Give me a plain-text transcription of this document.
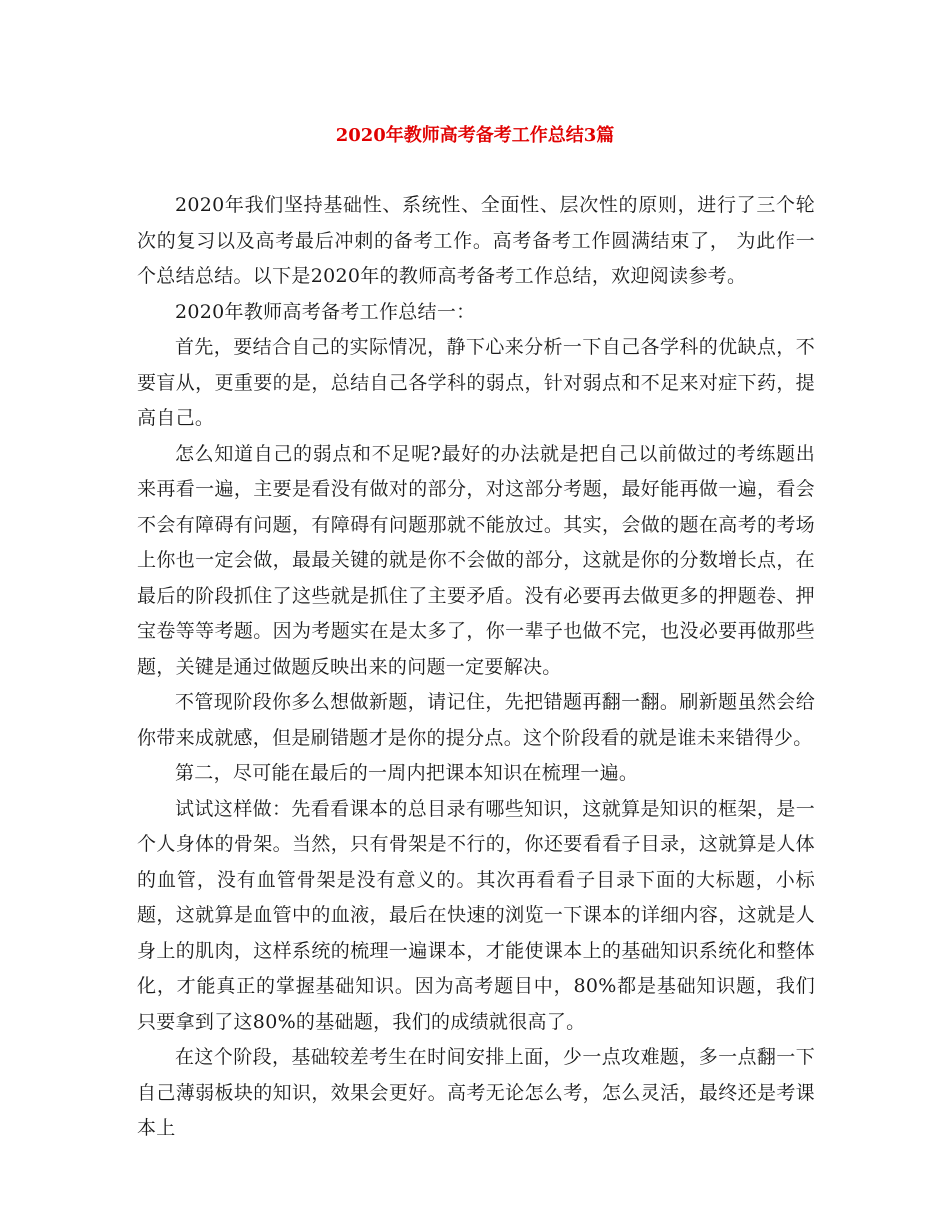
2020年教师高考备考工作总结3篇

2020年我们坚持基础性、系统性、全面性、层次性的原则，进行了三个轮次的复习以及高考最后冲刺的备考工作。高考备考工作圆满结束了， 为此作一个总结总结。以下是2020年的教师高考备考工作总结，欢迎阅读参考。

2020年教师高考备考工作总结一：

首先，要结合自己的实际情况，静下心来分析一下自己各学科的优缺点，不要盲从，更重要的是，总结自己各学科的弱点，针对弱点和不足来对症下药，提高自己。

怎么知道自己的弱点和不足呢?最好的办法就是把自己以前做过的考练题出来再看一遍，主要是看没有做对的部分，对这部分考题，最好能再做一遍，看会不会有障碍有问题，有障碍有问题那就不能放过。其实，会做的题在高考的考场上你也一定会做，最最关键的就是你不会做的部分，这就是你的分数增长点，在最后的阶段抓住了这些就是抓住了主要矛盾。没有必要再去做更多的押题卷、押宝卷等等考题。因为考题实在是太多了，你一辈子也做不完，也没必要再做那些题，关键是通过做题反映出来的问题一定要解决。

不管现阶段你多么想做新题，请记住，先把错题再翻一翻。刷新题虽然会给你带来成就感，但是刷错题才是你的提分点。这个阶段看的就是谁未来错得少。

第二，尽可能在最后的一周内把课本知识在梳理一遍。

试试这样做：先看看课本的总目录有哪些知识，这就算是知识的框架，是一个人身体的骨架。当然，只有骨架是不行的，你还要看看子目录，这就算是人体的血管，没有血管骨架是没有意义的。其次再看看子目录下面的大标题，小标题，这就算是血管中的血液，最后在快速的浏览一下课本的详细内容，这就是人身上的肌肉，这样系统的梳理一遍课本，才能使课本上的基础知识系统化和整体化，才能真正的掌握基础知识。因为高考题目中，80%都是基础知识题，我们只要拿到了这80%的基础题，我们的成绩就很高了。

在这个阶段，基础较差考生在时间安排上面，少一点攻难题，多一点翻一下自己薄弱板块的知识，效果会更好。高考无论怎么考，怎么灵活，最终还是考课本上
